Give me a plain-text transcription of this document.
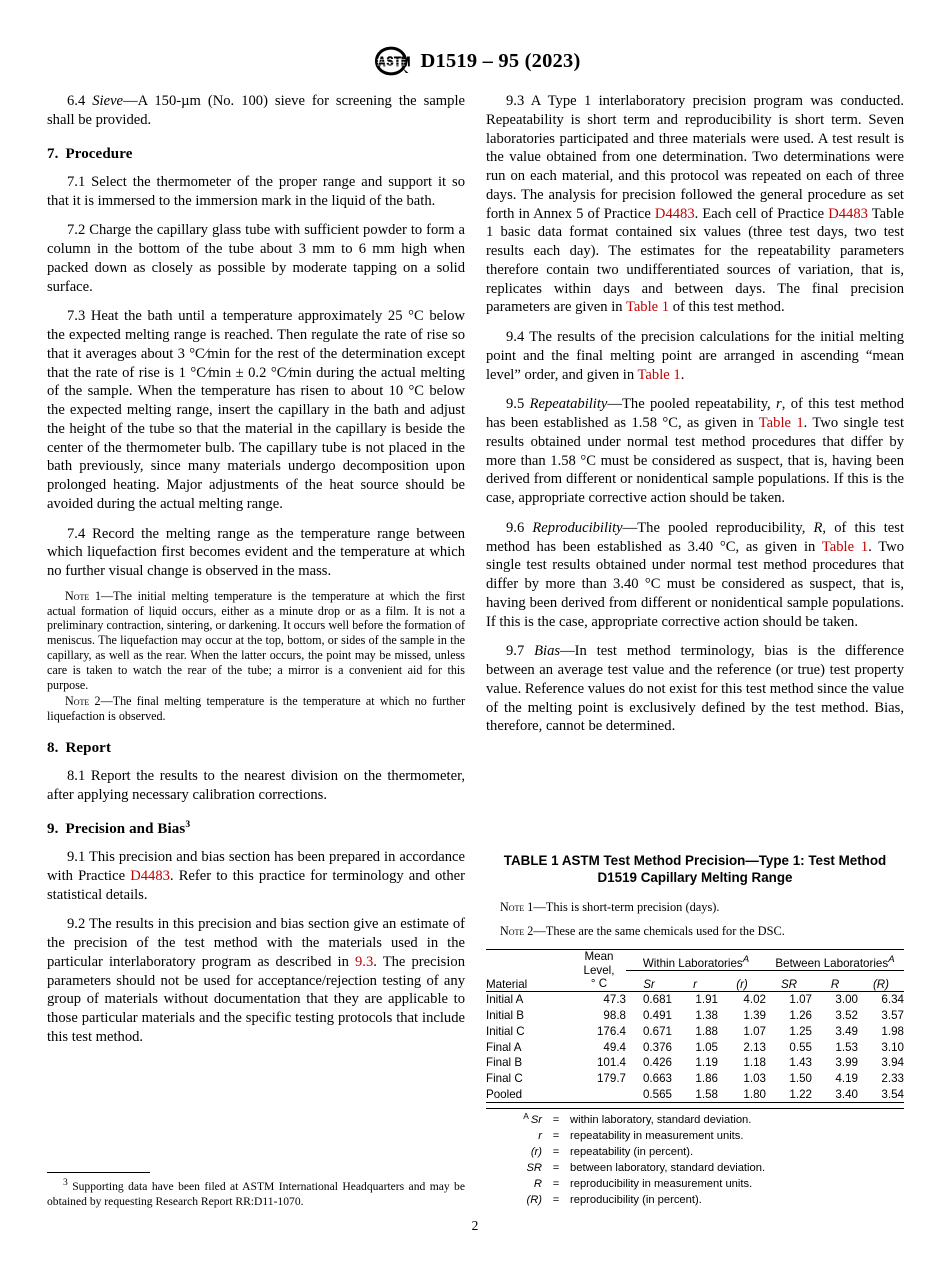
D1519 – 95 (2023)

6.4 Sieve—A 150-µm (No. 100) sieve for screening the sample shall be provided.

7. Procedure

7.1 Select the thermometer of the proper range and support it so that it is immersed to the immersion mark in the liquid of the bath.

7.2 Charge the capillary glass tube with sufficient powder to form a column in the bottom of the tube about 3 mm to 6 mm high when packed down as closely as possible by moderate tapping on a solid surface.

7.3 Heat the bath until a temperature approximately 25 °C below the expected melting range is reached. Then regulate the rate of rise so that it averages about 3 °C⁄min for the rest of the determination except that the rate of rise is 1 °C⁄min ± 0.2 °C⁄min during the actual melting of the sample. When the temperature has risen to about 10 °C below the expected melting range, insert the capillary in the bath and adjust the height of the tube so that the material in the capillary is beside the center of the thermometer bulb. The capillary tube is not placed in the bath previously, since many materials undergo decomposition upon prolonged heating. Major adjustments of the heat source should be avoided during the actual melting range.

7.4 Record the melting range as the temperature range between which liquefaction first becomes evident and the temperature at which no further visual change is observed in the mass.

Note 1—The initial melting temperature is the temperature at which the first actual formation of liquid occurs, either as a minute drop or as a film. It is not a preliminary contraction, sintering, or darkening. It occurs well before the formation of meniscus. The liquefaction may occur at the top, bottom, or sides of the sample in the capillary, as well as the rear. When the latter occurs, the point may be missed, unless care is taken to watch the rear of the tube; a mirror is a convenient aid for this purpose.

Note 2—The final melting temperature is the temperature at which no further liquefaction is observed.

8. Report

8.1 Report the results to the nearest division on the thermometer, after applying necessary calibration corrections.

9. Precision and Bias$^3$

9.1 This precision and bias section has been prepared in accordance with Practice D4483. Refer to this practice for terminology and other statistical details.

9.2 The results in this precision and bias section give an estimate of the precision of the test method with the materials used in the particular interlaboratory program as described in 9.3. The precision parameters should not be used for acceptance/rejection testing of any group of materials without documentation that they are applicable to those particular materials and the specific testing protocols that include this test method.

$^3$ Supporting data have been filed at ASTM International Headquarters and may be obtained by requesting Research Report RR:D11-1070.

9.3 A Type 1 interlaboratory precision program was conducted. Repeatability is short term and reproducibility is short term. Seven laboratories participated and three materials were used. A test result is the value obtained from one determination. Two determinations were run on each material, and this protocol was repeated on each of three days. The analysis for precision followed the general procedure as set forth in Annex 5 of Practice D4483. Each cell of Practice D4483 Table 1 basic data format contained six values (three test days, two test results each day). The estimates for the repeatability parameters therefore contain two undifferentiated sources of variation, that is, replicates within days and between days. The final precision parameters are given in Table 1 of this test method.

9.4 The results of the precision calculations for the initial melting point and the final melting point are arranged in ascending “mean level” order, and given in Table 1.

9.5 Repeatability—The pooled repeatability, r, of this test method has been established as 1.58 °C, as given in Table 1. Two single test results obtained under normal test method procedures that differ by more than 1.58 °C must be considered as suspect, that is, having been derived from different or nonidentical sample populations. If this is the case, appropriate corrective action should be taken.

9.6 Reproducibility—The pooled reproducibility, R, of this test method has been established as 3.40 °C, as given in Table 1. Two single test results obtained under normal test method procedures that differ by more than 3.40 °C must be considered as suspect, that is, having been derived from different or nonidentical sample populations. If this is the case, appropriate corrective action should be taken.

9.7 Bias—In test method terminology, bias is the difference between an average test value and the reference (or true) test property value. Reference values do not exist for this test method since the value of the melting point is exclusively defined by the test method. Bias, therefore, cannot be determined.

TABLE 1 ASTM Test Method Precision—Type 1: Test Method D1519 Capillary Melting Range

Note 1—This is short-term precision (days).

Note 2—These are the same chemicals used for the DSC.

Material	Mean
Level,
° C	Within Laboratories$^A$			Between Laboratories$^A$
		Sr	r	(r)	SR	R	(R)

Initial A	47.3	0.681	1.91	4.02	1.07	3.00	6.34
Initial B	98.8	0.491	1.38	1.39	1.26	3.52	3.57
Initial C	176.4	0.671	1.88	1.07	1.25	3.49	1.98
Final A	49.4	0.376	1.05	2.13	0.55	1.53	3.10
Final B	101.4	0.426	1.19	1.18	1.43	3.99	3.94
Final C	179.7	0.663	1.86	1.03	1.50	4.19	2.33
Pooled		0.565	1.58	1.80	1.22	3.40	3.54

$^A$ Sr = within laboratory, standard deviation.
r = repeatability in measurement units.
(r) = repeatability (in percent).
SR = between laboratory, standard deviation.
R = reproducibility in measurement units.
(R) = reproducibility (in percent).
2
